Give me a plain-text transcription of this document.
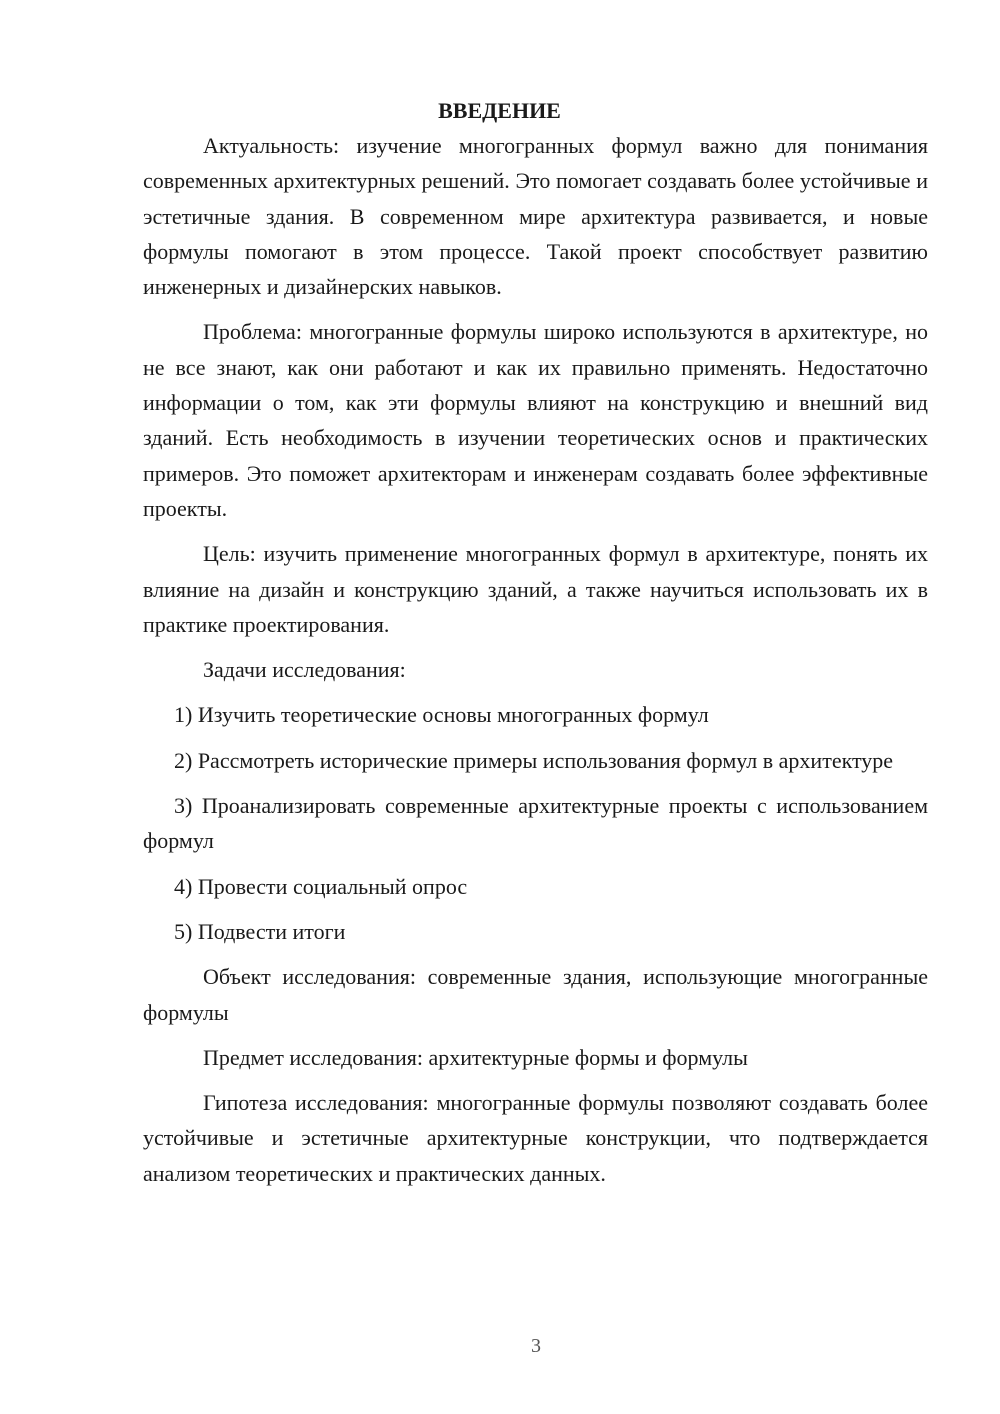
ВВЕДЕНИЕ

Актуальность: изучение многогранных формул важно для понимания современных архитектурных решений. Это помогает создавать более устойчивые и эстетичные здания. В современном мире архитектура развивается, и новые формулы помогают в этом процессе. Такой проект способствует развитию инженерных и дизайнерских навыков.

Проблема: многогранные формулы широко используются в архитектуре, но не все знают, как они работают и как их правильно применять. Недостаточно информации о том, как эти формулы влияют на конструкцию и внешний вид зданий. Есть необходимость в изучении теоретических основ и практических примеров. Это поможет архитекторам и инженерам создавать более эффективные проекты.

Цель: изучить применение многогранных формул в архитектуре, понять их влияние на дизайн и конструкцию зданий, а также научиться использовать их в практике проектирования.

Задачи исследования:

1) Изучить теоретические основы многогранных формул

2) Рассмотреть исторические примеры использования формул в архитектуре

3) Проанализировать современные архитектурные проекты с использованием формул

4) Провести социальный опрос

5) Подвести итоги

Объект исследования: современные здания, использующие многогранные формулы

Предмет исследования: архитектурные формы и формулы

Гипотеза исследования: многогранные формулы позволяют создавать более устойчивые и эстетичные архитектурные конструкции, что подтверждается анализом теоретических и практических данных.

3
